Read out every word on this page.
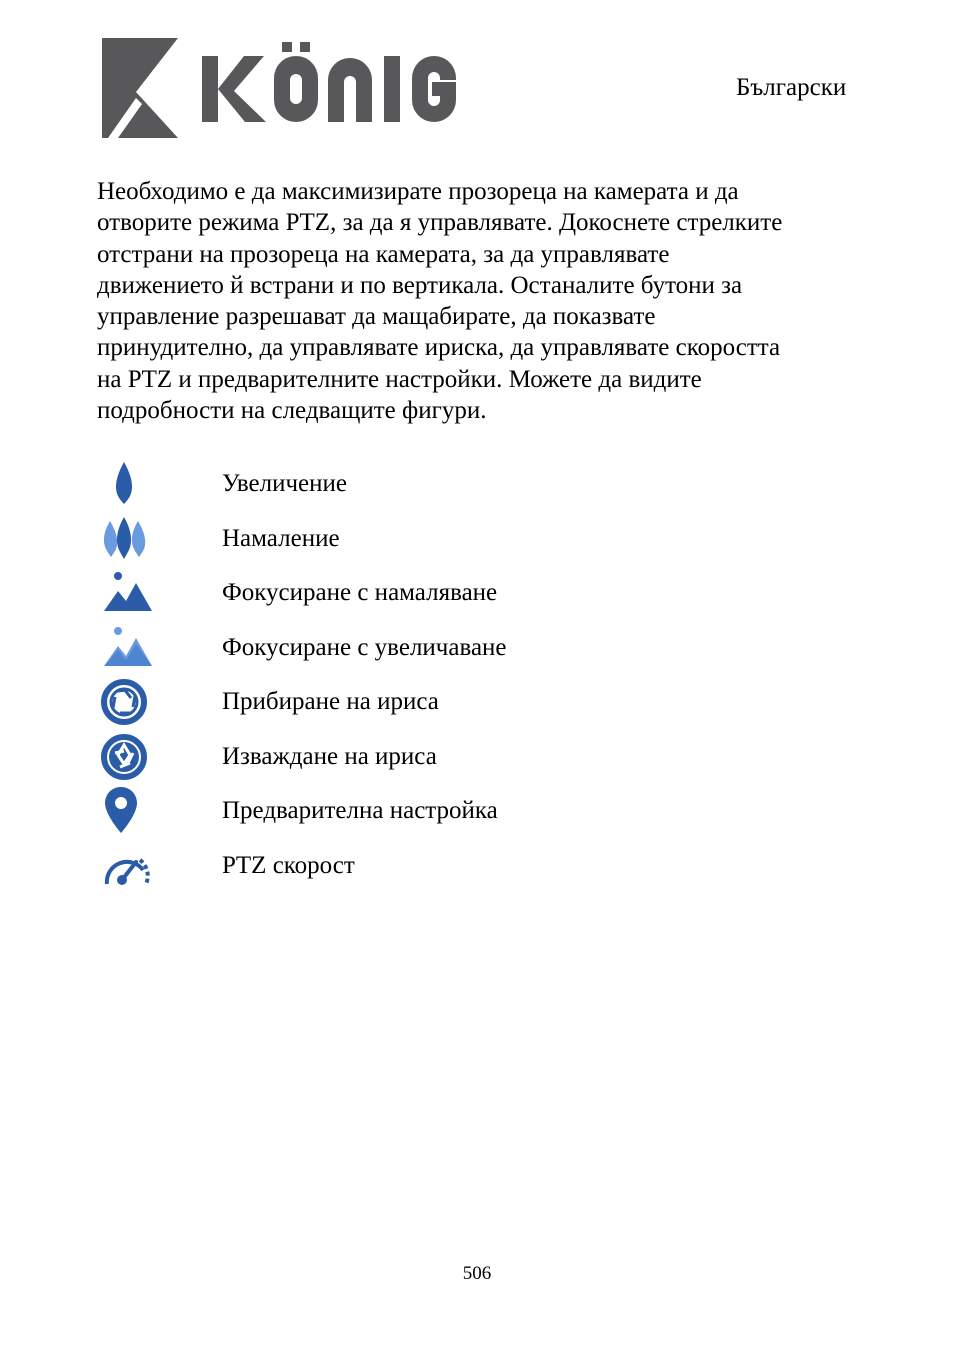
Български
Необходимо е да максимизирате прозореца на камерата и да
отворите режима PTZ, за да я управлявате. Докоснете стрелките
отстрани на прозореца на камерата, за да управлявате
движението й встрани и по вертикала. Останалите бутони за
управление разрешават да мащабирате, да показвате
принудително, да управлявате ириска, да управлявате скоростта
на PTZ и предварителните настройки. Можете да видите
подробности на следващите фигури.
Увеличение
Намаление
Фокусиране с намаляване
Фокусиране с увеличаване
Прибиране на ириса
Изваждане на ириса
Предварителна настройка
PTZ скорост
506
